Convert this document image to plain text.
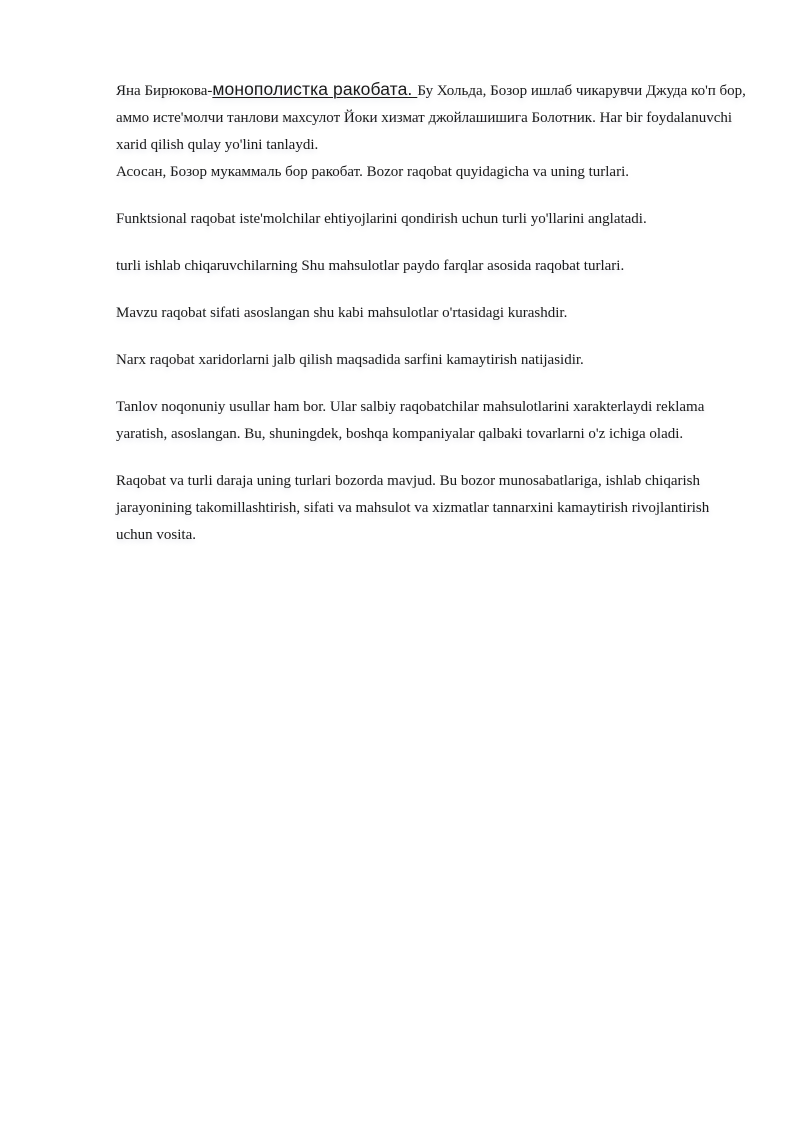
Яна Бирюкова-монополистка ракобата. Бу Хольда, Бозор ишлаб чикарувчи Джуда ко'п бор, аммо исте'молчи танлови махсулот Йоки хизмат джойлашишига Болотник. Har bir foydalanuvchi xarid qilish qulay yo'lini tanlaydi.

Асосан, Бозор мукаммаль бор ракобат. Bozor raqobat quyidagicha va uning turlari.

Funktsional raqobat iste'molchilar ehtiyojlarini qondirish uchun turli yo'llarini anglatadi.

turli ishlab chiqaruvchilarning Shu mahsulotlar paydo farqlar asosida raqobat turlari.

Mavzu raqobat sifati asoslangan shu kabi mahsulotlar o'rtasidagi kurashdir.

Narx raqobat xaridorlarni jalb qilish maqsadida sarfini kamaytirish natijasidir.

Tanlov noqonuniy usullar ham bor. Ular salbiy raqobatchilar mahsulotlarini xarakterlaydi reklama yaratish, asoslangan. Bu, shuningdek, boshqa kompaniyalar qalbaki tovarlarni o'z ichiga oladi.

Raqobat va turli daraja uning turlari bozorda mavjud. Bu bozor munosabatlariga, ishlab chiqarish jarayonining takomillashtirish, sifati va mahsulot va xizmatlar tannarxini kamaytirish rivojlantirish uchun vosita.
